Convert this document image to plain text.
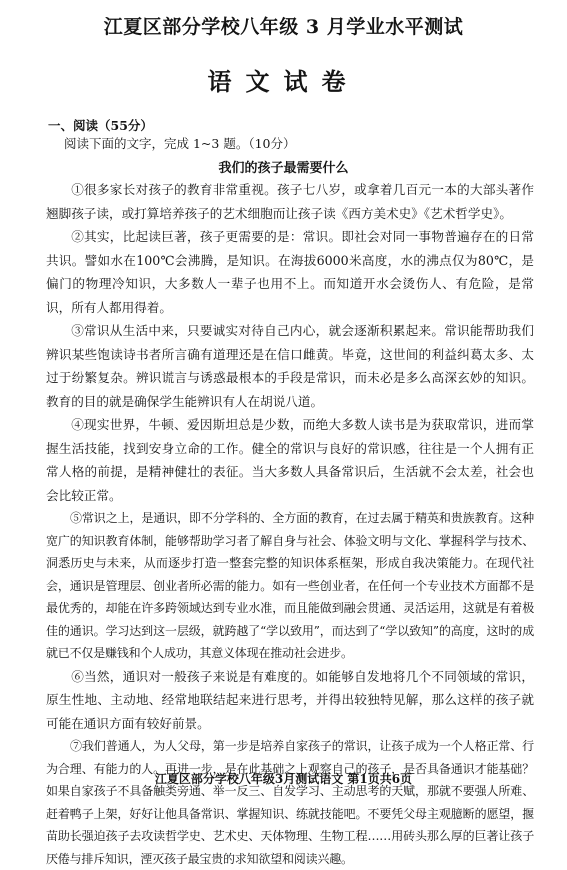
江夏区部分学校八年级 3 月学业水平测试
语文试卷
一、阅读（55分）
阅读下面的文字，完成 1~3 题。（10分）
我们的孩子最需要什么

①很多家长对孩子的教育非常重视。孩子七八岁，或拿着几百元一本的大部头著作翘脚孩子读，或打算培养孩子的艺术细胞而让孩子读《西方美术史》《艺术哲学史》。

②其实，比起读巨著，孩子更需要的是：常识。即社会对同一事物普遍存在的日常共识。譬如水在100℃会沸腾，是知识。在海拔6000米高度，水的沸点仅为80℃，是偏门的物理冷知识，大多数人一辈子也用不上。而知道开水会烫伤人、有危险，是常识，所有人都用得着。

③常识从生活中来，只要诚实对待自己内心，就会逐渐积累起来。常识能帮助我们辨识某些饱读诗书者所言确有道理还是在信口雌黄。毕竟，这世间的利益纠葛太多、太过于纷繁复杂。辨识谎言与诱惑最根本的手段是常识，而未必是多么高深玄妙的知识。教育的目的就是确保学生能辨识有人在胡说八道。

④现实世界，牛顿、爱因斯坦总是少数，而绝大多数人读书是为获取常识，进而掌握生活技能，找到安身立命的工作。健全的常识与良好的常识感，往往是一个人拥有正常人格的前提，是精神健壮的表征。当大多数人具备常识后，生活就不会太差，社会也会比较正常。

⑤常识之上，是通识，即不分学科的、全方面的教育，在过去属于精英和贵族教育。这种宽广的知识教育体制，能够帮助学习者了解自身与社会、体验文明与文化、掌握科学与技术、洞悉历史与未来，从而逐步打造一整套完整的知识体系框架，形成自我决策能力。在现代社会，通识是管理层、创业者所必需的能力。如有一些创业者，在任何一个专业技术方面都不是最优秀的，却能在许多跨领域达到专业水准，而且能做到融会贯通、灵活运用，这就是有着极佳的通识。学习达到这一层级，就跨越了“学以致用”，而达到了“学以致知”的高度，这时的成就已不仅是赚钱和个人成功，其意义体现在推动社会进步。

⑥当然，通识对一般孩子来说是有难度的。如能够自发地将几个不同领域的常识，原生性地、主动地、经常地联结起来进行思考，并得出较独特见解，那么这样的孩子就可能在通识方面有较好前景。

⑦我们普通人，为人父母，第一步是培养自家孩子的常识，让孩子成为一个人格正常、行为合理、有能力的人。再进一步，是在此基础之上观察自己的孩子，是否具备通识才能基础？如果自家孩子不具备触类旁通、举一反三、自发学习、主动思考的天赋，那就不要强人所难、赶着鸭子上架，好好让他具备常识、掌握知识、练就技能吧。不要凭父母主观臆断的愿望，揠苗助长强迫孩子去攻读哲学史、艺术史、天体物理、生物工程……用砖头那么厚的巨著让孩子厌倦与排斥知识，湮灭孩子最宝贵的求知欲望和阅读兴趣。

江夏区部分学校八年级3月测试语文 第1页共6页
